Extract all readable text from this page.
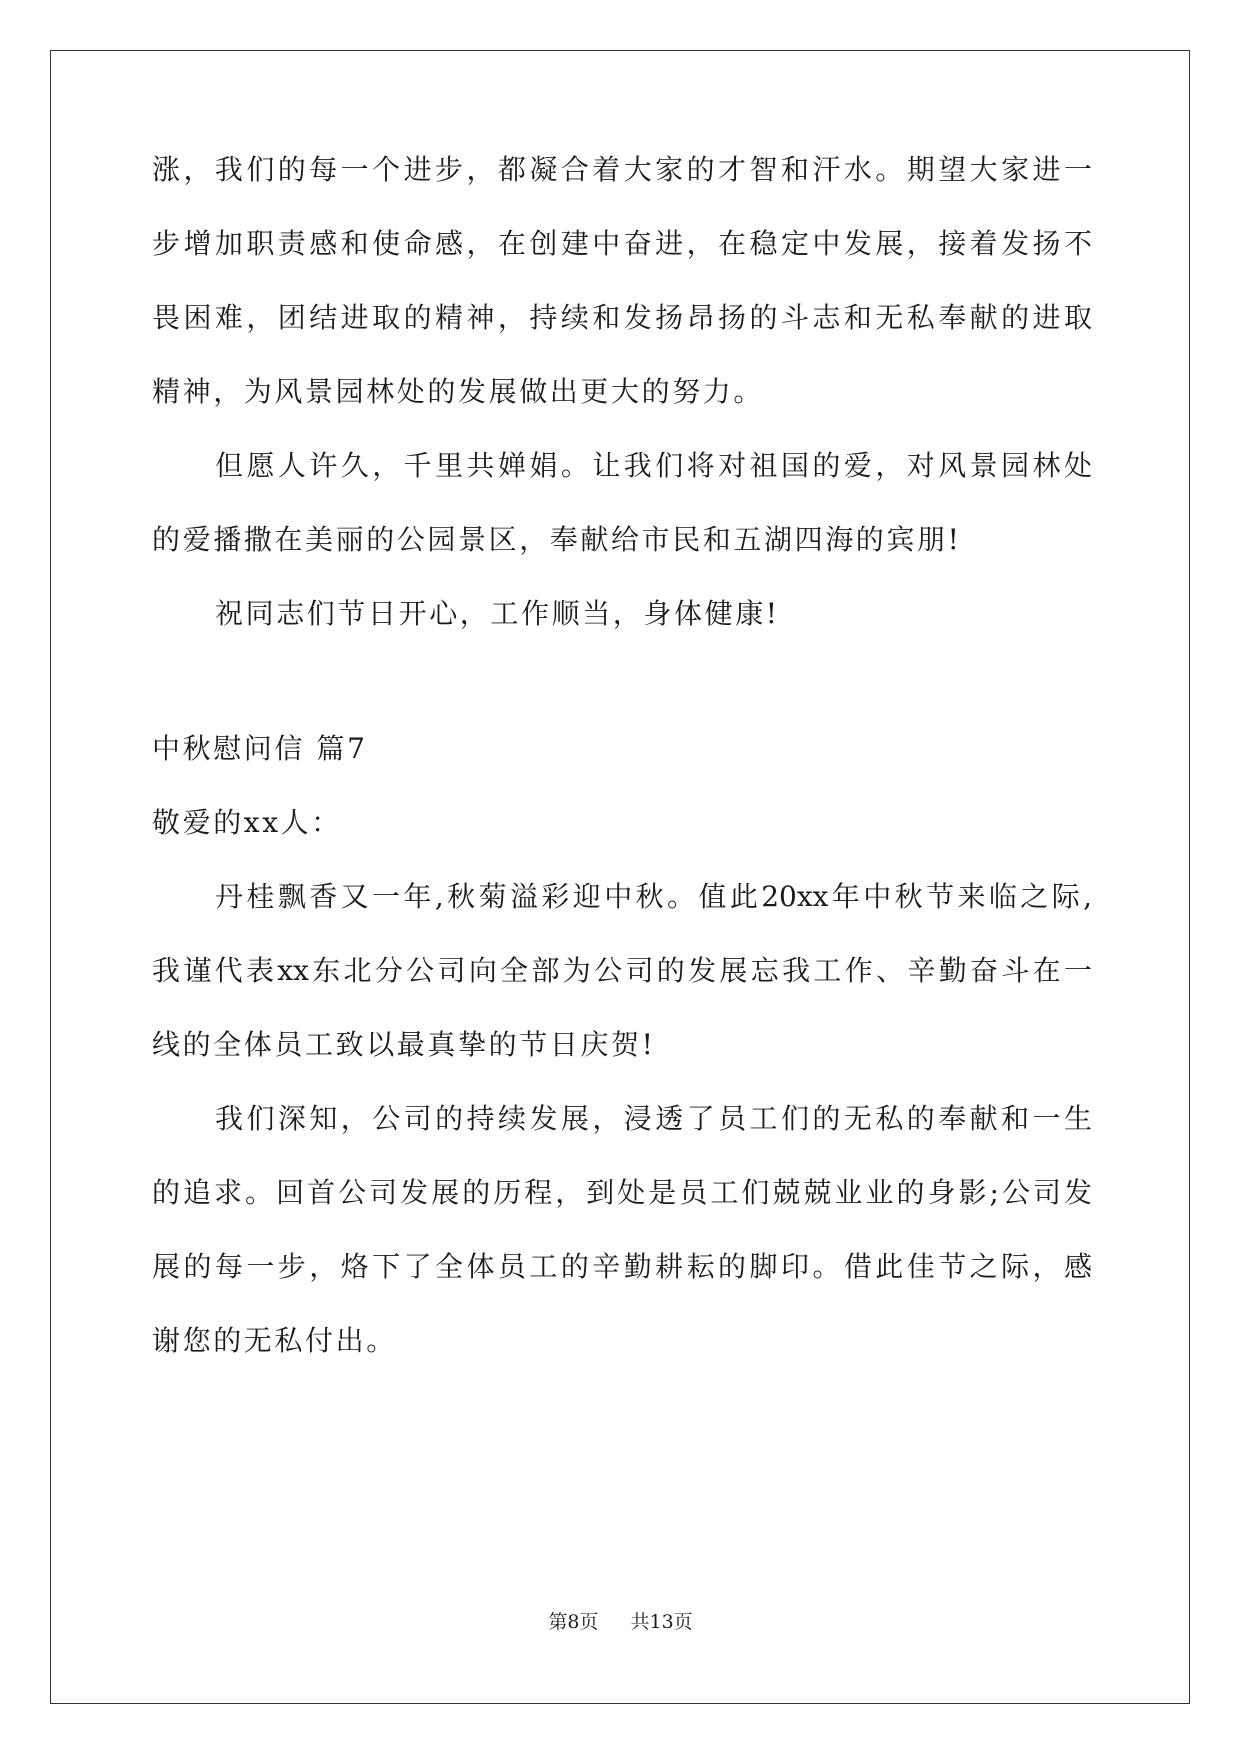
涨，我们的每一个进步，都凝合着大家的才智和汗水。期望大家进一
步增加职责感和使命感，在创建中奋进，在稳定中发展，接着发扬不
畏困难，团结进取的精神，持续和发扬昂扬的斗志和无私奉献的进取
精神，为风景园林处的发展做出更大的努力。
但愿人许久，千里共婵娟。让我们将对祖国的爱，对风景园林处
的爱播撒在美丽的公园景区，奉献给市民和五湖四海的宾朋!
祝同志们节日开心，工作顺当，身体健康!
中秋慰问信 篇7
敬爱的xx人：
丹桂飘香又一年,秋菊溢彩迎中秋。值此20xx年中秋节来临之际,
我谨代表xx东北分公司向全部为公司的发展忘我工作、辛勤奋斗在一
线的全体员工致以最真挚的节日庆贺!
我们深知，公司的持续发展，浸透了员工们的无私的奉献和一生
的追求。回首公司发展的历程，到处是员工们兢兢业业的身影;公司发
展的每一步，烙下了全体员工的辛勤耕耘的脚印。借此佳节之际，感
谢您的无私付出。
第8页 共13页
